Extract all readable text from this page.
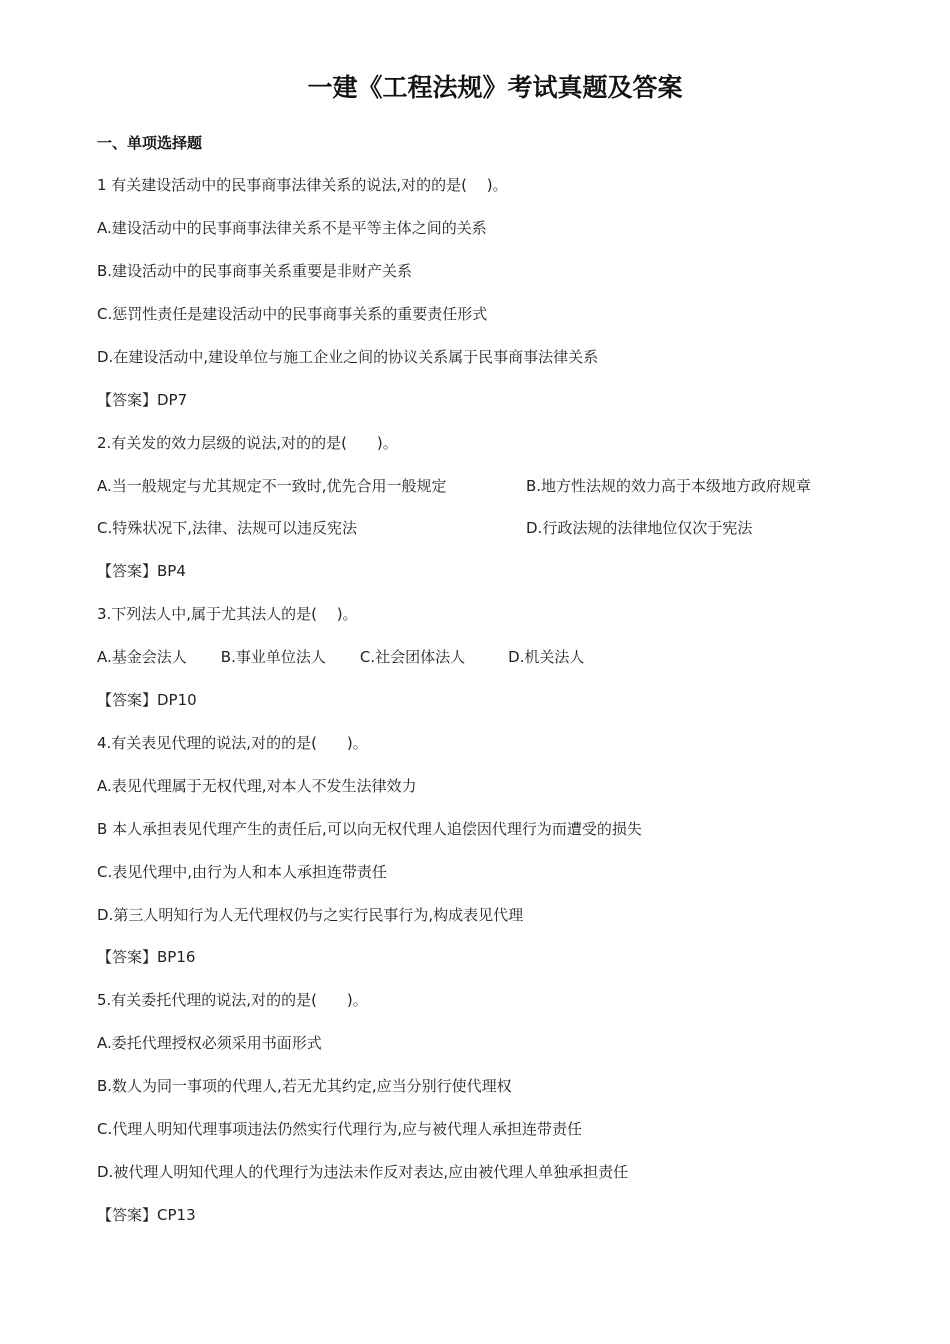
一建《工程法规》考试真题及答案
一、单项选择题
1 有关建设活动中的民事商事法律关系的说法,对的的是(　 )。
A.建设活动中的民事商事法律关系不是平等主体之间的关系
B.建设活动中的民事商事关系重要是非财产关系
C.惩罚性责任是建设活动中的民事商事关系的重要责任形式
D.在建设活动中,建设单位与施工企业之间的协议关系属于民事商事法律关系
【答案】DP7
2.有关发的效力层级的说法,对的的是(　　)。
A.当一般规定与尤其规定不一致时,优先合用一般规定	B.地方性法规的效力高于本级地方政府规章
C.特殊状况下,法律、法规可以违反宪法	D.行政法规的法律地位仅次于宪法
【答案】BP4
3.下列法人中,属于尤其法人的是(　 )。
A.基金会法人 B.事业单位法人 C.社会团体法人	D.机关法人
【答案】DP10
4.有关表见代理的说法,对的的是(　　)。
A.表见代理属于无权代理,对本人不发生法律效力
B 本人承担表见代理产生的责任后,可以向无权代理人追偿因代理行为而遭受的损失
C.表见代理中,由行为人和本人承担连带责任
D.第三人明知行为人无代理权仍与之实行民事行为,构成表见代理
【答案】BP16
5.有关委托代理的说法,对的的是(　　)。
A.委托代理授权必须采用书面形式
B.数人为同一事项的代理人,若无尤其约定,应当分别行使代理权
C.代理人明知代理事项违法仍然实行代理行为,应与被代理人承担连带责任
D.被代理人明知代理人的代理行为违法未作反对表达,应由被代理人单独承担责任
【答案】CP13
